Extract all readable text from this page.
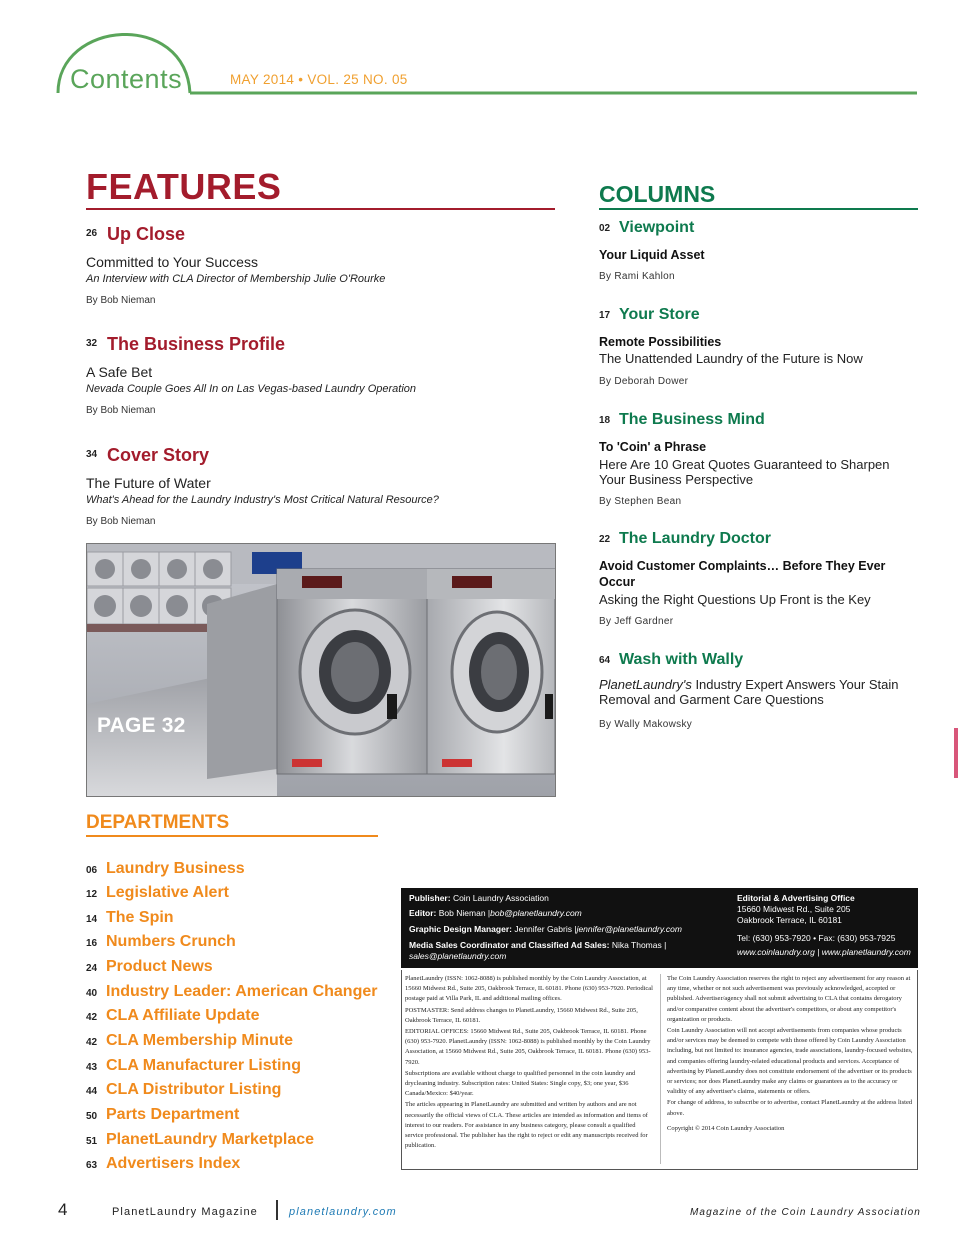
Contents	MAY 2014 • VOL. 25 NO. 05
FEATURES
26 Up Close
Committed to Your Success
An Interview with CLA Director of Membership Julie O'Rourke
By Bob Nieman
32 The Business Profile
A Safe Bet
Nevada Couple Goes All In on Las Vegas-based Laundry Operation
By Bob Nieman
34 Cover Story
The Future of Water
What's Ahead for the Laundry Industry's Most Critical Natural Resource?
By Bob Nieman
PAGE 32
COLUMNS
02 Viewpoint
Your Liquid Asset
By Rami Kahlon
17 Your Store
Remote Possibilities
The Unattended Laundry of the Future is Now
By Deborah Dower
18 The Business Mind
To 'Coin' a Phrase
Here Are 10 Great Quotes Guaranteed to Sharpen Your Business Perspective
By Stephen Bean
22 The Laundry Doctor
Avoid Customer Complaints… Before They Ever Occur
Asking the Right Questions Up Front is the Key
By Jeff Gardner
64 Wash with Wally
PlanetLaundry's Industry Expert Answers Your Stain Removal and Garment Care Questions
By Wally Makowsky
DEPARTMENTS
06 Laundry Business
12 Legislative Alert
14 The Spin
16 Numbers Crunch
24 Product News
40 Industry Leader: American Changer
42 CLA Affiliate Update
42 CLA Membership Minute
43 CLA Manufacturer Listing
44 CLA Distributor Listing
50 Parts Department
51 PlanetLaundry Marketplace
63 Advertisers Index
Publisher: Coin Laundry Association
Editor: Bob Nieman |bob@planetlaundry.com
Graphic Design Manager: Jennifer Gabris |jennifer@planetlaundry.com
Media Sales Coordinator and Classified Ad Sales: Nika Thomas |
sales@planetlaundry.com
Editorial & Advertising Office
15660 Midwest Rd., Suite 205
Oakbrook Terrace, IL 60181
Tel: (630) 953-7920 • Fax: (630) 953-7925
www.coinlaundry.org | www.planetlaundry.com

PlanetLaundry (ISSN: 1062-8088) is published monthly by the Coin Laundry Association, at 15660 Midwest Rd., Suite 205, Oakbrook Terrace, IL 60181. Phone (630) 953-7920. Periodical postage paid at Villa Park, IL and additional mailing offices.

POSTMASTER: Send address changes to PlanetLaundry, 15660 Midwest Rd., Suite 205, Oakbrook Terrace, IL 60181.

EDITORIAL OFFICES: 15660 Midwest Rd., Suite 205, Oakbrook Terrace, IL 60181. Phone (630) 953-7920. PlanetLaundry (ISSN: 1062-8088) is published monthly by the Coin Laundry Association, at 15660 Midwest Rd., Suite 205, Oakbrook Terrace, IL 60181. Phone (630) 953-7920.

Subscriptions are available without charge to qualified personnel in the coin laundry and drycleaning industry. Subscription rates: United States: Single copy, $3; one year, $36 Canada/Mexico: $40/year.

The articles appearing in PlanetLaundry are submitted and written by authors and are not necessarily the official views of CLA. These articles are intended as information and items of interest to our readers. For assistance in any business category, please consult a qualified service professional. The publisher has the right to reject or edit any manuscripts received for publication.

The Coin Laundry Association reserves the right to reject any advertisement for any reason at any time, whether or not such advertisement was previously acknowledged, accepted or published. Advertiser/agency shall not submit advertising to CLA that contains derogatory and/or comparative content about the advertiser's competitors, or about any competitor's organization or products.

Coin Laundry Association will not accept advertisements from companies whose products and/or services may be deemed to compete with those offered by Coin Laundry Association including, but not limited to: insurance agencies, trade associations, laundry-focused websites, and companies offering laundry-related educational products and services. Acceptance of advertising by PlanetLaundry does not constitute endorsement of the advertiser or its products or services; nor does PlanetLaundry make any claims or guarantees as to the accuracy or validity of any advertiser's claims, statements or offers.

For change of address, to subscribe or to advertise, contact PlanetLaundry at the address listed above.

Copyright © 2014 Coin Laundry Association

4	PlanetLaundry Magazine	planetlaundry.com	Magazine of the Coin Laundry Association
